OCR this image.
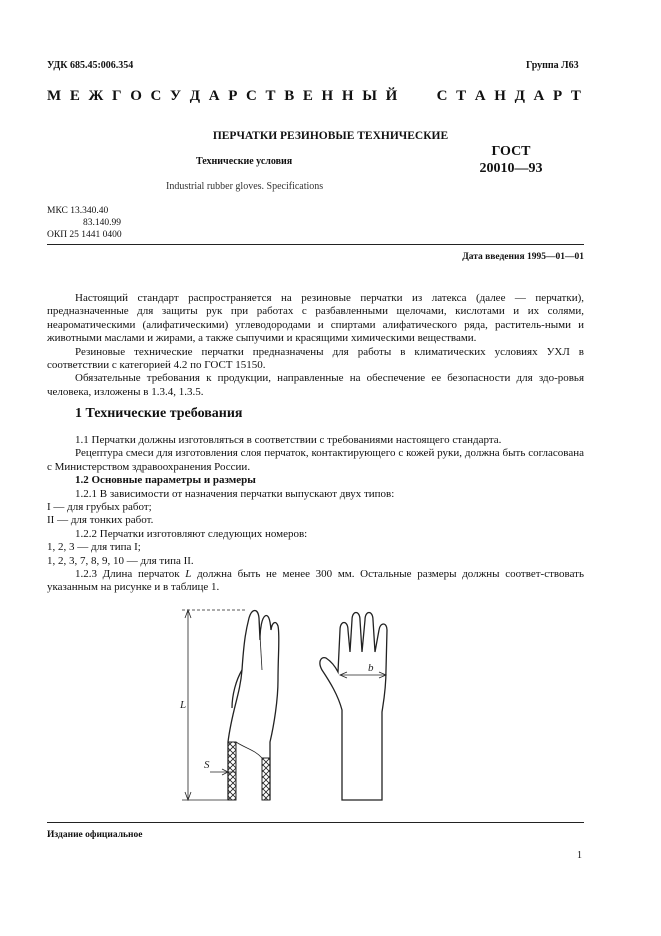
УДК 685.45:006.354	Группа Л63
М Е Ж Г О С У Д А Р С Т В Е Н Н Ы Й	С Т А Н Д А Р Т
ПЕРЧАТКИ РЕЗИНОВЫЕ ТЕХНИЧЕСКИЕ
Технические условия
Industrial rubber gloves. Specifications
ГОСТ
20010—93
МКС 13.340.40
83.140.99
ОКП 25 1441 0400
Дата введения 1995—01—01

Настоящий стандарт распространяется на резиновые перчатки из латекса (далее — перчатки), предназначенные для защиты рук при работах с разбавленными щелочами, кислотами и их солями, неароматическими (алифатическими) углеводородами и спиртами алифатического ряда, раститель-ными и животными маслами и жирами, а также сыпучими и красящими химическими веществами.

Резиновые технические перчатки предназначены для работы в климатических условиях УХЛ в соответствии с категорией 4.2 по ГОСТ 15150.

Обязательные требования к продукции, направленные на обеспечение ее безопасности для здо-ровья человека, изложены в 1.3.4, 1.3.5.

1 Технические требования

1.1 Перчатки должны изготовляться в соответствии с требованиями настоящего стандарта.

Рецептура смеси для изготовления слоя перчаток, контактирующего с кожей руки, должна быть согласована с Министерством здравоохранения России.

1.2 Основные параметры и размеры

1.2.1 В зависимости от назначения перчатки выпускают двух типов:

I — для грубых работ;

II — для тонких работ.

1.2.2 Перчатки изготовляют следующих номеров:

1, 2, 3 — для типа I;

1, 2, 3, 7, 8, 9, 10 — для типа II.

1.2.3 Длина перчаток L должна быть не менее 300 мм. Остальные размеры должны соответ-ствовать указанным на рисунке и в таблице 1.

L
S
b
Издание официальное
1
